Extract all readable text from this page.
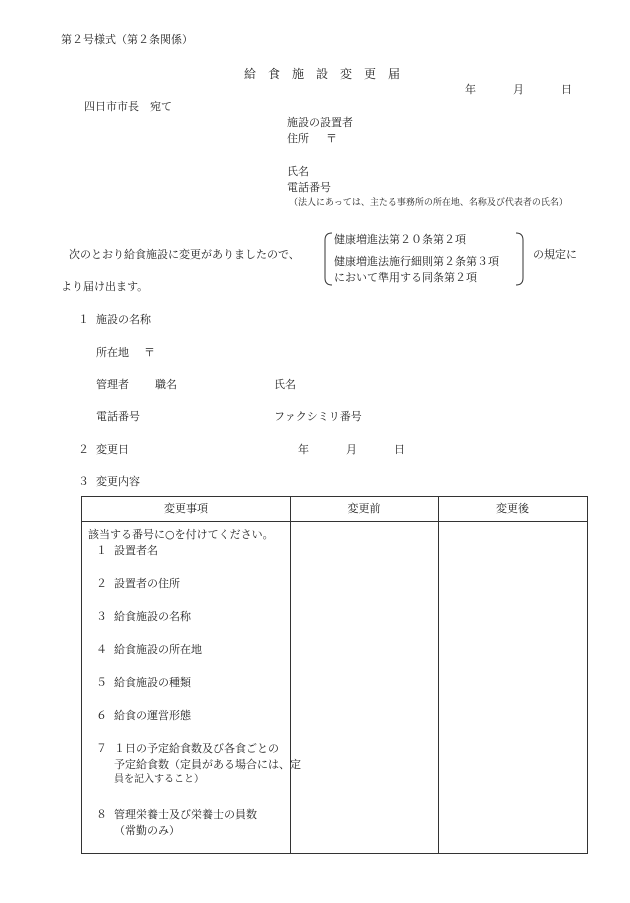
第２号様式（第２条関係）
給　食　施　設　変　更　届
年	月	日
四日市市長　宛て
施設の設置者
住所 〒
氏名
電話番号
（法人にあっては、主たる事務所の所在地、名称及び代表者の氏名）
次のとおり給食施設に変更がありましたので、
健康増進法第２０条第２項
健康増進法施行細則第２条第３項
において準用する同条第２項
の規定に
より届け出ます。
１ 施設の名称
所在地 〒
管理者 職名	氏名
電話番号	ファクシミリ番号
２ 変更日	年	月	日
３ 変更内容
変更事項	変更前	変更後
該当する番号に○を付けてください。
１ 設置者名
２ 設置者の住所
３ 給食施設の名称
４ 給食施設の所在地
５ 給食施設の種類
６ 給食の運営形態
７ １日の予定給食数及び各食ごとの
予定給食数（定員がある場合には、定
員を記入すること）
８ 管理栄養士及び栄養士の員数
（常勤のみ）
